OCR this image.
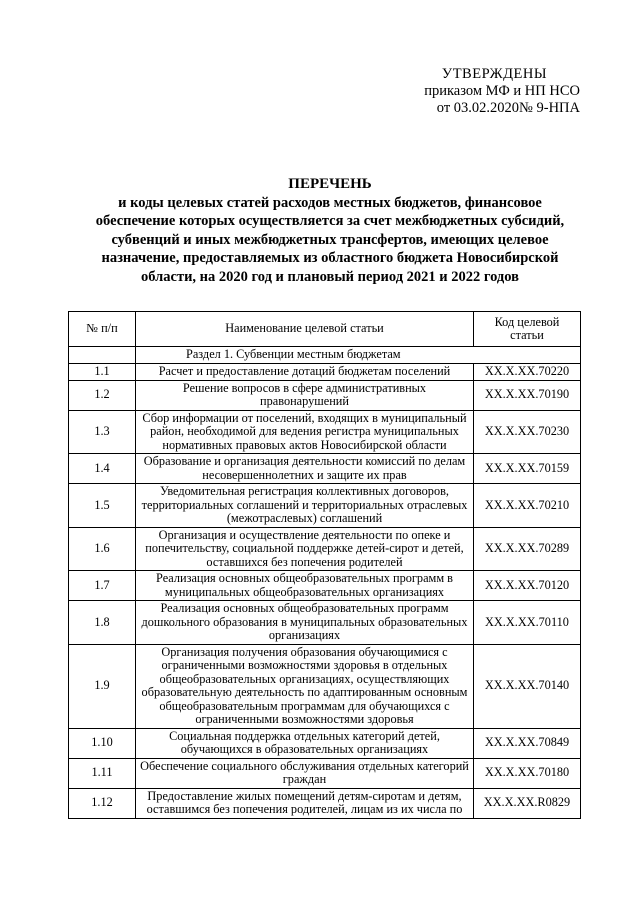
УТВЕРЖДЕНЫ
приказом МФ и НП НСО
от 03.02.2020№ 9-НПА
ПЕРЕЧЕНЬ
и коды целевых статей расходов местных бюджетов, финансовое
обеспечение которых осуществляется за счет межбюджетных субсидий,
субвенций и иных межбюджетных трансфертов, имеющих целевое
назначение, предоставляемых из областного бюджета Новосибирской
области, на 2020 год и плановый период 2021 и 2022 годов
№ п/п	Наименование целевой статьи	Код целевой статьи
	Раздел 1. Субвенции местным бюджетам	
1.1	Расчет и предоставление дотаций бюджетам поселений	ХХ.Х.ХХ.70220
1.2	Решение вопросов в сфере административных правонарушений	ХХ.Х.ХХ.70190
1.3	Сбор информации от поселений, входящих в муниципальный район, необходимой для ведения регистра муниципальных нормативных правовых актов Новосибирской области	ХХ.Х.ХХ.70230
1.4	Образование и организация деятельности комиссий по делам несовершеннолетних и защите их прав	ХХ.Х.ХХ.70159
1.5	Уведомительная регистрация коллективных договоров, территориальных соглашений и территориальных отраслевых (межотраслевых) соглашений	ХХ.Х.ХХ.70210
1.6	Организация и осуществление деятельности по опеке и попечительству, социальной поддержке детей-сирот и детей, оставшихся без попечения родителей	ХХ.Х.ХХ.70289
1.7	Реализация основных общеобразовательных программ в муниципальных общеобразовательных организациях	ХХ.Х.ХХ.70120
1.8	Реализация основных общеобразовательных программ дошкольного образования в муниципальных образовательных организациях	ХХ.Х.ХХ.70110
1.9	Организация получения образования обучающимися с ограниченными возможностями здоровья в отдельных общеобразовательных организациях, осуществляющих образовательную деятельность по адаптированным основным общеобразовательным программам для обучающихся с ограниченными возможностями здоровья	ХХ.Х.ХХ.70140
1.10	Социальная поддержка отдельных категорий детей, обучающихся в образовательных организациях	ХХ.Х.ХХ.70849
1.11	Обеспечение социального обслуживания отдельных категорий граждан	ХХ.Х.ХХ.70180
1.12	Предоставление жилых помещений детям-сиротам и детям, оставшимся без попечения родителей, лицам из их числа по	ХХ.Х.ХХ.R0829
